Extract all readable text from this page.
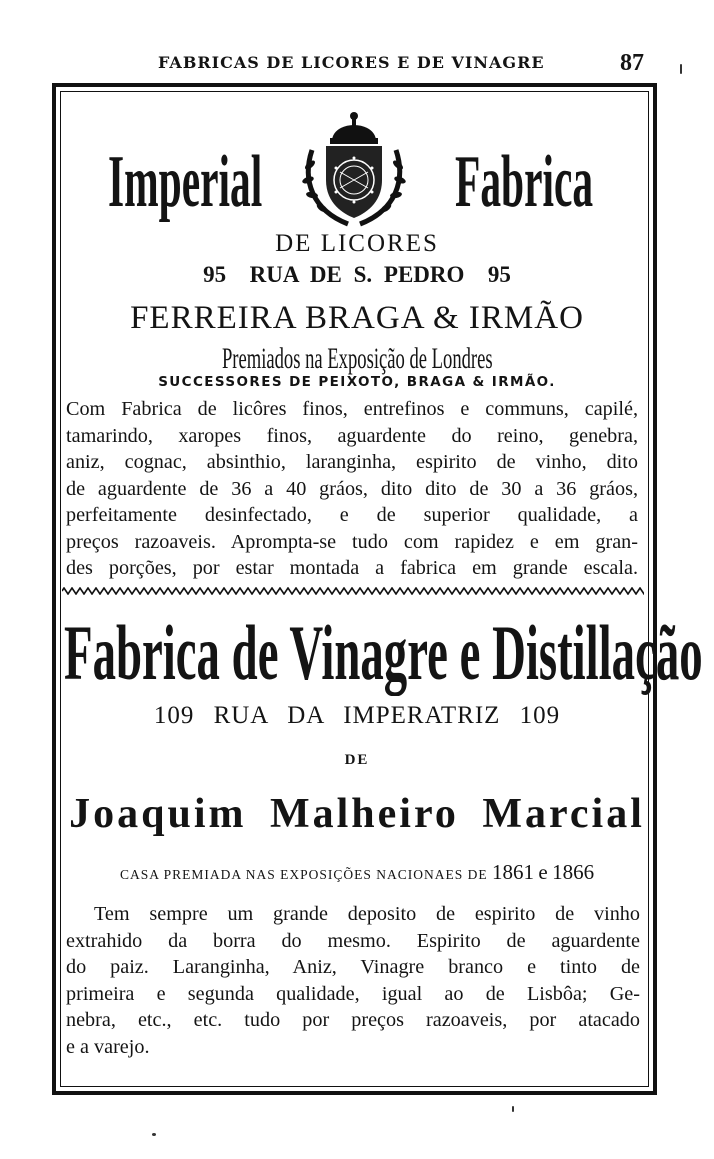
FABRICAS DE LICORES E DE VINAGRE	87
Imperial	Fabrica
DE LICORES
95  RUA DE S. PEDRO  95
FERREIRA BRAGA & IRMÃO
Premiados na Exposição de Londres
SUCCESSORES DE PEIXOTO, BRAGA & IRMÃO.
Com Fabrica de licôres finos, entrefinos e communs, capilé,
tamarindo, xaropes finos, aguardente do reino, genebra,
aniz, cognac, absinthio, laranginha, espirito de vinho, dito
de aguardente de 36 a 40 gráos, dito dito de 30 a 36 gráos,
perfeitamente desinfectado, e de superior qualidade, a
preços razoaveis. Aprompta-se tudo com rapidez e em gran-
des porções, por estar montada a fabrica em grande escala.
Fabrica de Vinagre e Distillação
109 RUA DA IMPERATRIZ 109
DE
Joaquim Malheiro Marcial
CASA PREMIADA NAS EXPOSIÇÕES NACIONAES DE 1861 e 1866
Tem sempre um grande deposito de espirito de vinho
extrahido da borra do mesmo. Espirito de aguardente
do paiz. Laranginha, Aniz, Vinagre branco e tinto de
primeira e segunda qualidade, igual ao de Lisbôa; Ge-
nebra, etc., etc. tudo por preços razoaveis, por atacado
e a varejo.
